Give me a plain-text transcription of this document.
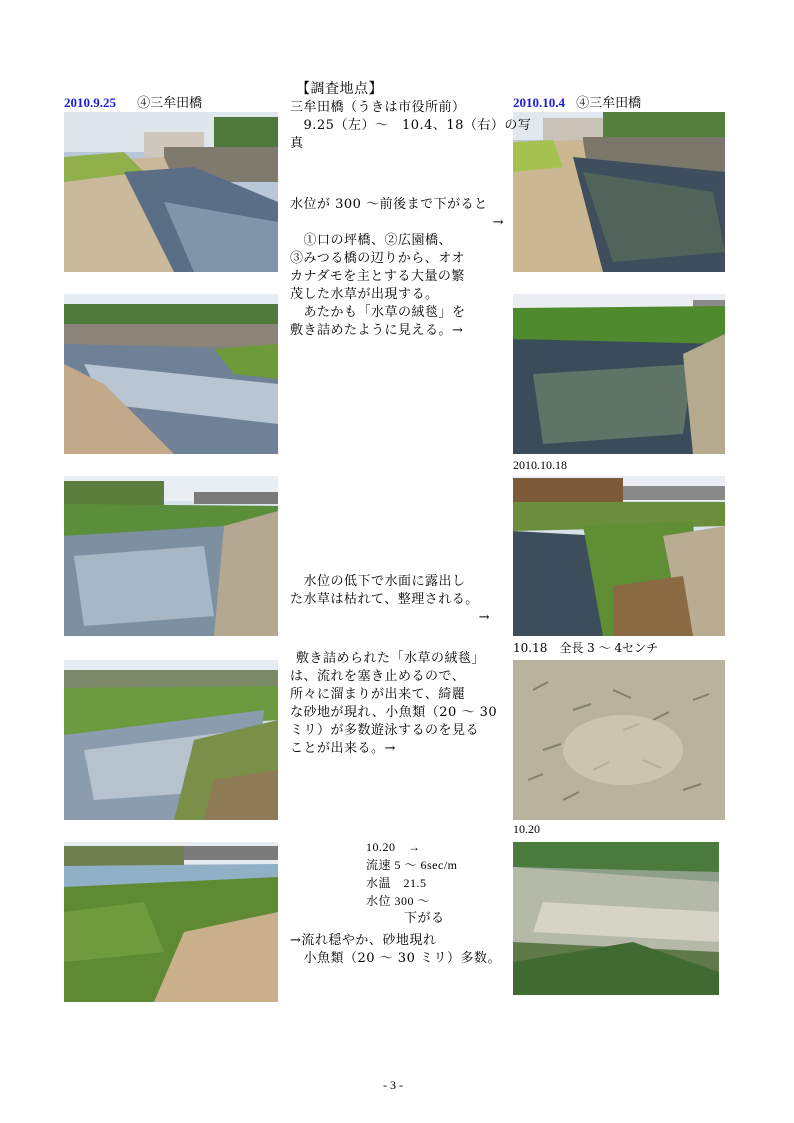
2010.9.25 ④三牟田橋	2010.10.4 ④三牟田橋
2010.10.18
10.18　全長 3 ～ 4センチ
10.20
【調査地点】
三牟田橋（うきは市役所前）
　9.25（左）～　10.4、18（右）の写
真
水位が 300 ～前後まで下がると
→
　①口の坪橋、②広園橋、
③みつる橋の辺りから、オオ
カナダモを主とする大量の繁
茂した水草が出現する。
　あたかも「水草の絨毯」を
敷き詰めたように見える。→
　水位の低下で水面に露出し
た水草は枯れて、整理される。
→
敷き詰められた「水草の絨毯」
は、流れを塞き止めるので、
所々に溜まりが出来て、綺麗
な砂地が現れ、小魚類（20 ～ 30
ミリ）が多数遊泳するのを見る
ことが出来る。→
10.20　→
流速 5 ～ 6sec/m
水温　21.5
水位 300 ～
下がる
→流れ穏やか、砂地現れ
　小魚類（20 ～ 30 ミリ）多数。
- 3 -
